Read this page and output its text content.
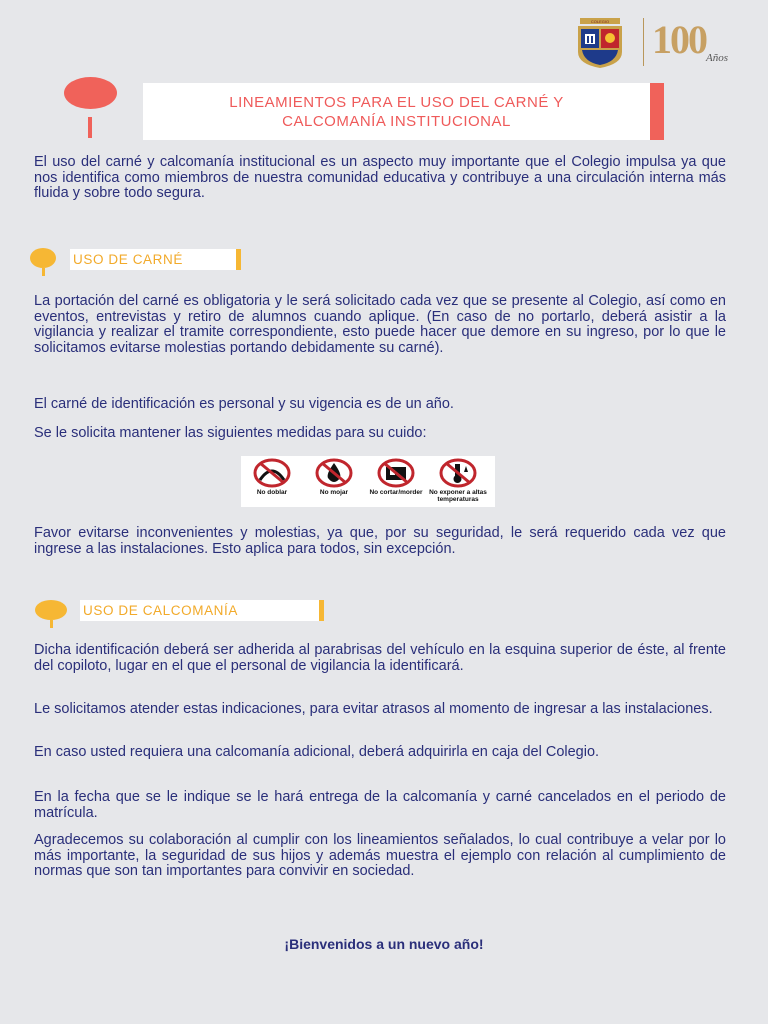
COLEGIO 100 Años
LINEAMIENTOS PARA EL USO DEL CARNÉ Y
CALCOMANÍA INSTITUCIONAL

El uso del carné y calcomanía institucional es un aspecto muy importante que el Colegio impulsa ya que nos identifica como miembros de nuestra comunidad educativa y contribuye a una circulación interna más fluida y sobre todo segura.

USO DE CARNÉ

La portación del carné es obligatoria y le será solicitado cada vez que se presente al Colegio, así como en eventos, entrevistas y retiro de alumnos cuando aplique. (En caso de no portarlo, deberá asistir a la vigilancia y realizar el tramite correspondiente, esto puede hacer que demore en su ingreso, por lo que le solicitamos evitarse molestias portando debidamente su carné).

El carné de identificación es personal y su vigencia es de un año.

Se le solicita mantener las siguientes medidas para su cuido:

No doblar	No mojar	No cortar/morder	No exponer a altas temperaturas

Favor evitarse inconvenientes y molestias, ya que, por su seguridad, le será requerido cada vez que ingrese a las instalaciones. Esto aplica para todos, sin excepción.

USO DE CALCOMANÍA

Dicha identificación deberá ser adherida al parabrisas del vehículo en la esquina superior de éste, al frente del copiloto, lugar en el que el personal de vigilancia la identificará.

Le solicitamos atender estas indicaciones, para evitar atrasos al momento de ingresar a las instalaciones.

En caso usted requiera una calcomanía adicional, deberá adquirirla en caja del Colegio.

En la fecha que se le indique se le hará entrega de la calcomanía y carné cancelados en el periodo de matrícula.

Agradecemos su colaboración al cumplir con los lineamientos señalados, lo cual contribuye a velar por lo más importante, la seguridad de sus hijos y además muestra el ejemplo con relación al cumplimiento de normas que son tan importantes para convivir en sociedad.

¡Bienvenidos a un nuevo año!
